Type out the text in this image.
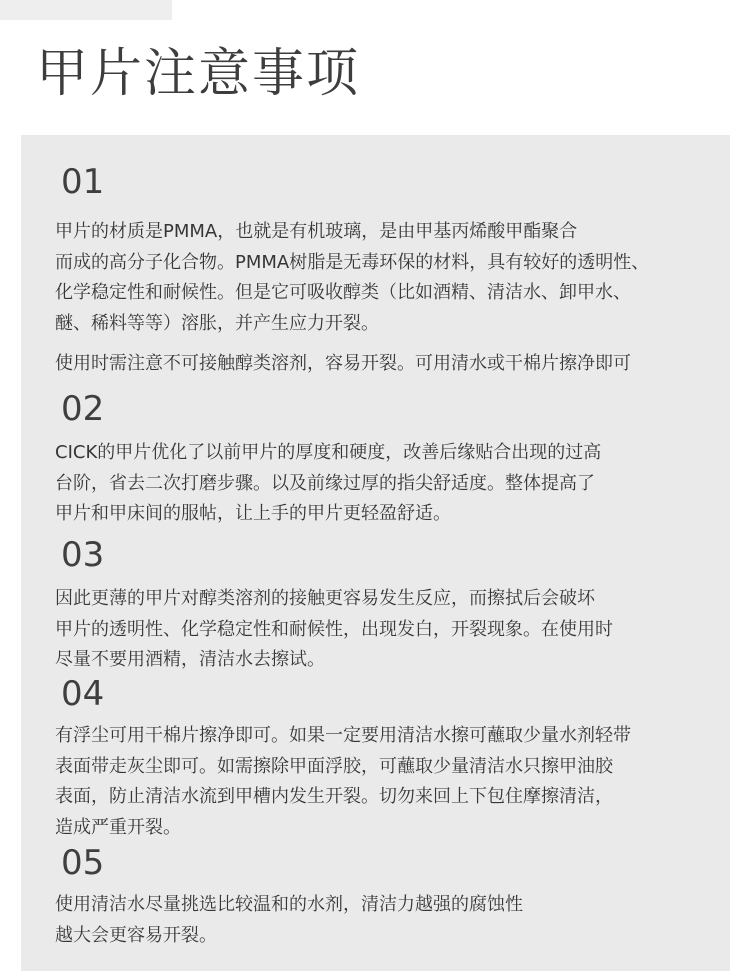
甲片注意事项
01

甲片的材质是PMMA，也就是有机玻璃，是由甲基丙烯酸甲酯聚合

而成的高分子化合物。PMMA树脂是无毒环保的材料，具有较好的透明性、

化学稳定性和耐候性。但是它可吸收醇类（比如酒精、清洁水、卸甲水、

醚、稀料等等）溶胀，并产生应力开裂。

使用时需注意不可接触醇类溶剂，容易开裂。可用清水或干棉片擦净即可

02

CICK的甲片优化了以前甲片的厚度和硬度，改善后缘贴合出现的过高

台阶，省去二次打磨步骤。以及前缘过厚的指尖舒适度。整体提高了

甲片和甲床间的服帖，让上手的甲片更轻盈舒适。

03

因此更薄的甲片对醇类溶剂的接触更容易发生反应，而擦拭后会破坏

甲片的透明性、化学稳定性和耐候性，出现发白，开裂现象。在使用时

尽量不要用酒精，清洁水去擦试。

04

有浮尘可用干棉片擦净即可。如果一定要用清洁水擦可蘸取少量水剂轻带

表面带走灰尘即可。如需擦除甲面浮胶，可蘸取少量清洁水只擦甲油胶

表面，防止清洁水流到甲槽内发生开裂。切勿来回上下包住摩擦清洁，

造成严重开裂。

05

使用清洁水尽量挑选比较温和的水剂，清洁力越强的腐蚀性

越大会更容易开裂。
